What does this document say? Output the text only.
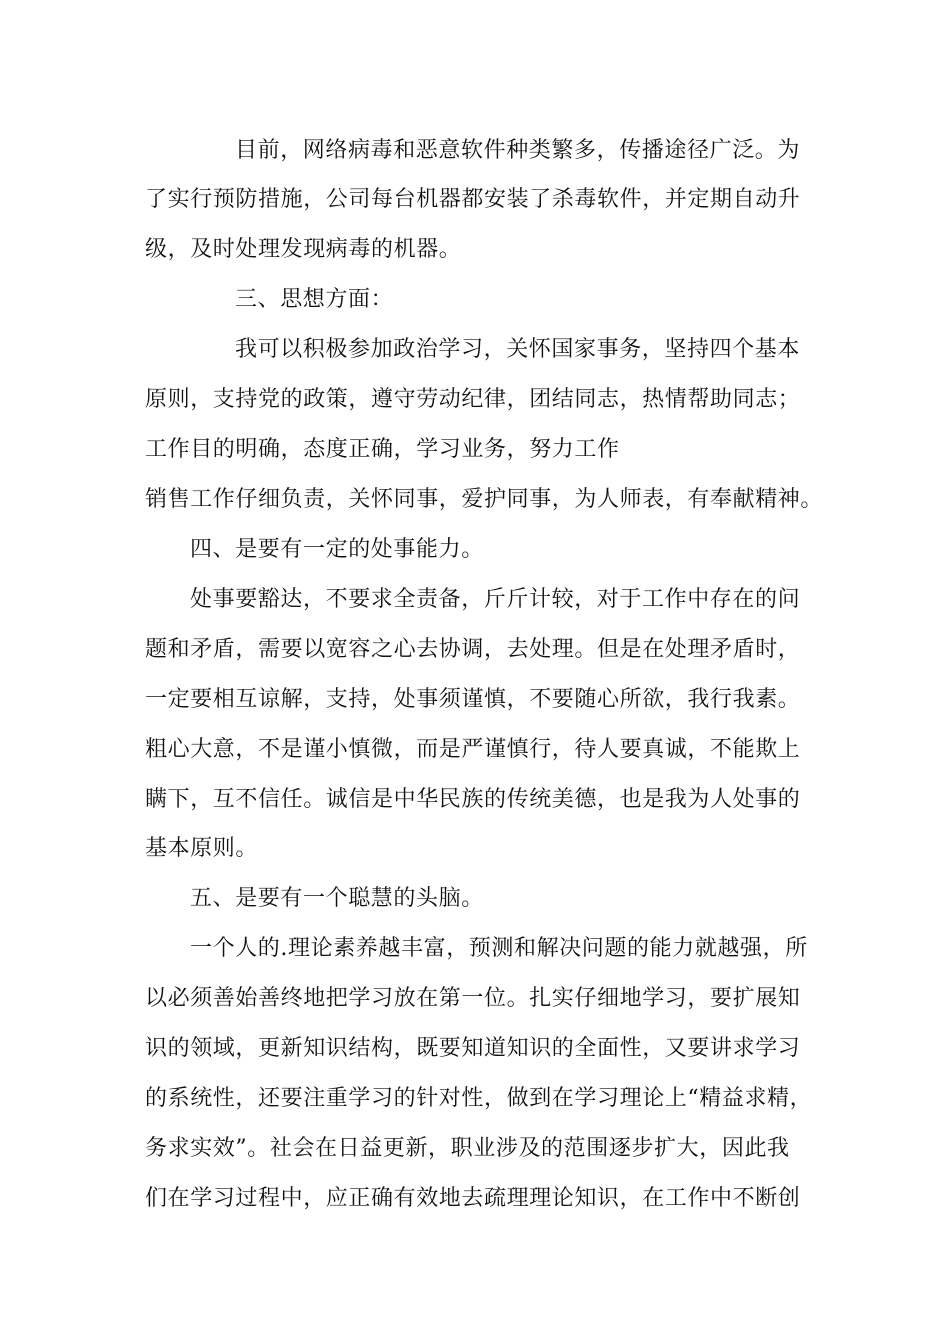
目前，网络病毒和恶意软件种类繁多，传播途径广泛。为
了实行预防措施，公司每台机器都安装了杀毒软件，并定期自动升
级，及时处理发现病毒的机器。
三、思想方面：
我可以积极参加政治学习，关怀国家事务，坚持四个基本
原则，支持党的政策，遵守劳动纪律，团结同志，热情帮助同志；
工作目的明确，态度正确，学习业务，努力工作
销售工作仔细负责，关怀同事，爱护同事，为人师表，有奉献精神。
四、是要有一定的处事能力。
处事要豁达，不要求全责备，斤斤计较，对于工作中存在的问
题和矛盾，需要以宽容之心去协调，去处理。但是在处理矛盾时，
一定要相互谅解，支持，处事须谨慎，不要随心所欲，我行我素。
粗心大意，不是谨小慎微，而是严谨慎行，待人要真诚，不能欺上
瞒下，互不信任。诚信是中华民族的传统美德，也是我为人处事的
基本原则。
五、是要有一个聪慧的头脑。
一个人的.理论素养越丰富，预测和解决问题的能力就越强，所
以必须善始善终地把学习放在第一位。扎实仔细地学习，要扩展知
识的领域，更新知识结构，既要知道知识的全面性，又要讲求学习
的系统性，还要注重学习的针对性，做到在学习理论上“精益求精，
务求实效”。社会在日益更新，职业涉及的范围逐步扩大，因此我
们在学习过程中，应正确有效地去疏理理论知识，在工作中不断创
